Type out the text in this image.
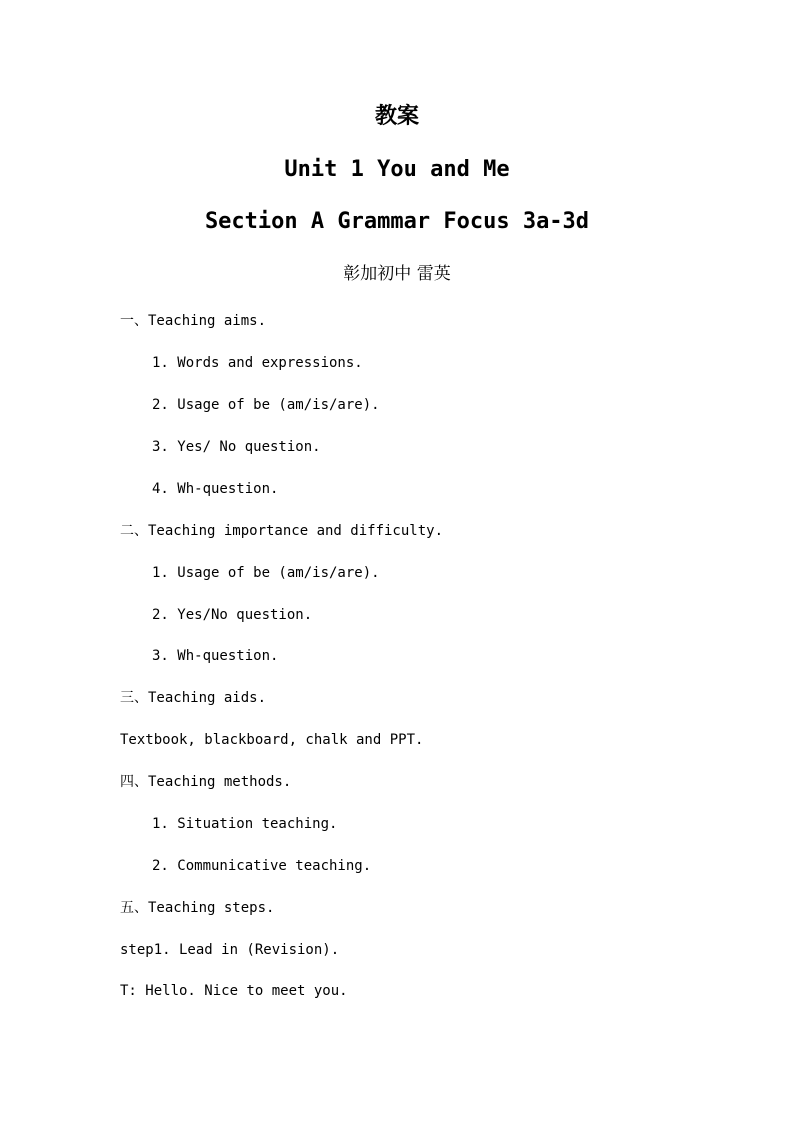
教案
Unit 1 You and Me
Section A Grammar Focus 3a-3d
彰加初中 雷英
一、Teaching aims.
1. Words and expressions.
2. Usage of be (am/is/are).
3. Yes/ No question.
4. Wh-question.
二、Teaching importance and difficulty.
1. Usage of be (am/is/are).
2. Yes/No question.
3. Wh-question.
三、Teaching aids.
Textbook, blackboard, chalk and PPT.
四、Teaching methods.
1. Situation teaching.
2. Communicative teaching.
五、Teaching steps.
step1. Lead in (Revision).
T: Hello. Nice to meet you.
